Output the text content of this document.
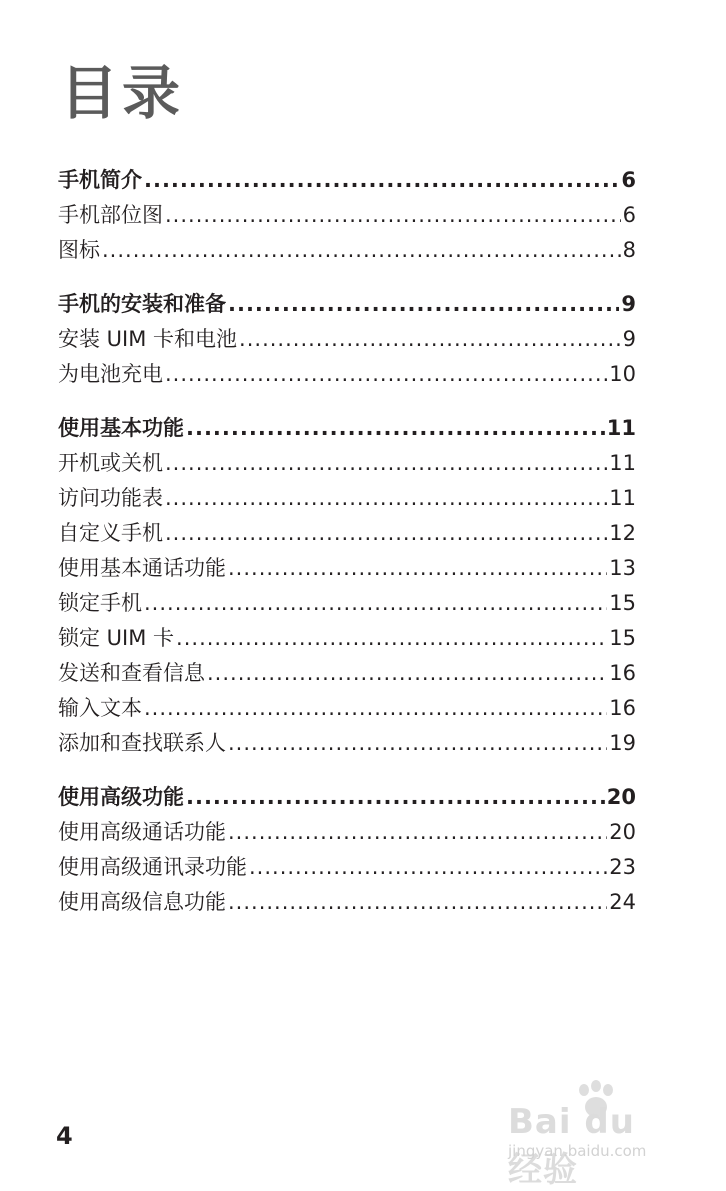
目录
手机简介 .....	6
手机部位图 .....	6
图标 .....	8
手机的安装和准备 .....	9
安装 UIM 卡和电池 .....	9
为电池充电 .....	10
使用基本功能 .....	11
开机或关机 .....	11
访问功能表 .....	11
自定义手机 .....	12
使用基本通话功能 .....	13
锁定手机 .....	15
锁定 UIM 卡 .....	15
发送和查看信息 .....	16
输入文本 .....	16
添加和查找联系人 .....	19
使用高级功能 .....	20
使用高级通话功能 .....	20
使用高级通讯录功能 .....	23
使用高级信息功能 .....	24
4	Bai du 经验
jingyan.baidu.com
